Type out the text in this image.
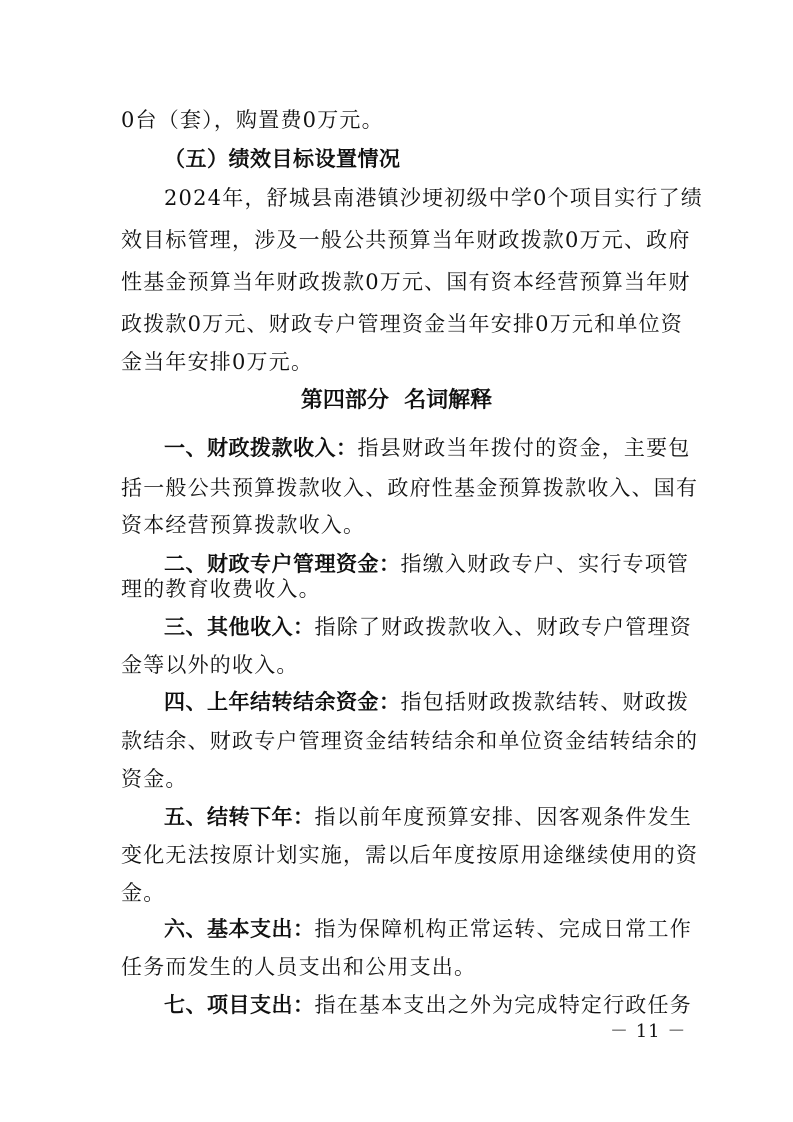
0台（套），购置费0万元。
（五）绩效目标设置情况
2024年，舒城县南港镇沙埂初级中学0个项目实行了绩
效目标管理，涉及一般公共预算当年财政拨款0万元、政府
性基金预算当年财政拨款0万元、国有资本经营预算当年财
政拨款0万元、财政专户管理资金当年安排0万元和单位资
金当年安排0万元。
第四部分  名词解释
一、财政拨款收入：指县财政当年拨付的资金，主要包
括一般公共预算拨款收入、政府性基金预算拨款收入、国有
资本经营预算拨款收入。
二、财政专户管理资金：指缴入财政专户、实行专项管
理的教育收费收入。
三、其他收入：指除了财政拨款收入、财政专户管理资
金等以外的收入。
四、上年结转结余资金：指包括财政拨款结转、财政拨
款结余、财政专户管理资金结转结余和单位资金结转结余的
资金。
五、结转下年：指以前年度预算安排、因客观条件发生
变化无法按原计划实施，需以后年度按原用途继续使用的资
金。
六、基本支出：指为保障机构正常运转、完成日常工作
任务而发生的人员支出和公用支出。
－ 11 －
七、项目支出：指在基本支出之外为完成特定行政任务
